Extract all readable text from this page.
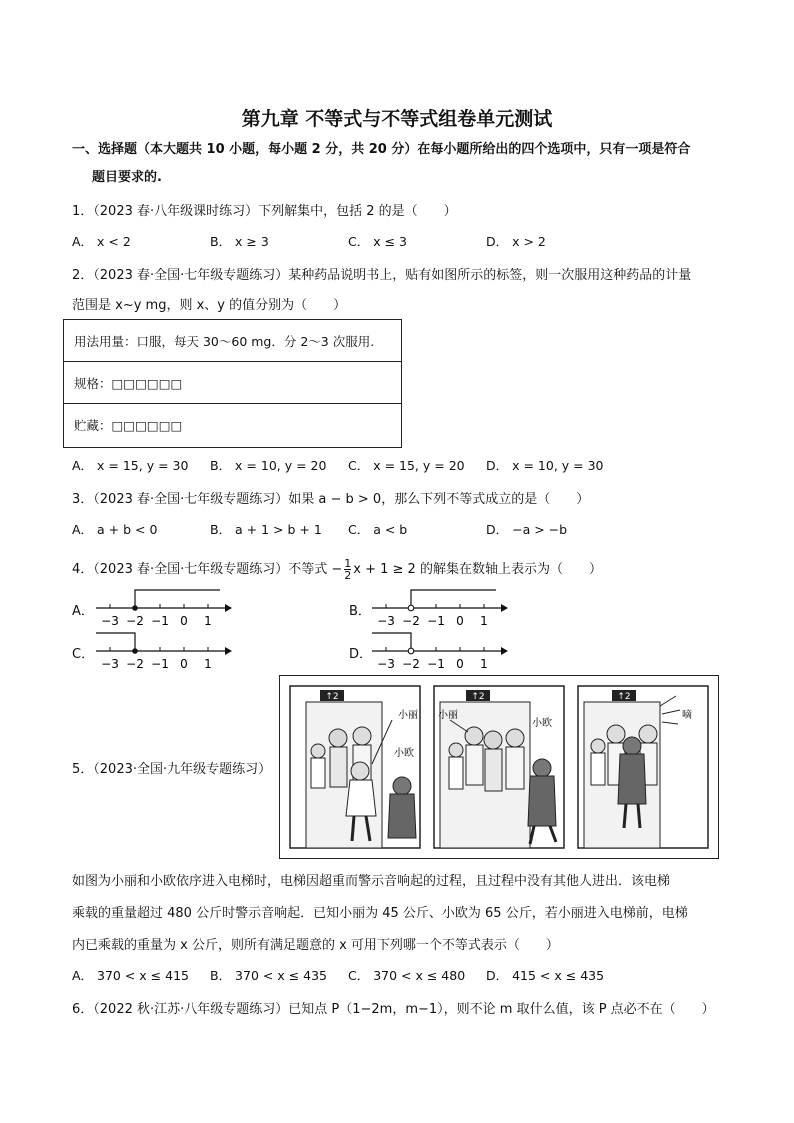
第九章 不等式与不等式组卷单元测试
一、选择题（本大题共 10 小题，每小题 2 分，共 20 分）在每小题所给出的四个选项中，只有一项是符合
题目要求的.
1．（2023 春·八年级课时练习）下列解集中，包括 2 的是（　　）
A． x < 2	B． x ≥ 3	C． x ≤ 3	D． x > 2
2．（2023 春·全国·七年级专题练习）某种药品说明书上，贴有如图所示的标签，则一次服用这种药品的计量
范围是 x~y mg，则 x、y 的值分别为（　　）
用法用量：口服，每天 30～60 mg．分 2～3 次服用.
规格：□□□□□□
贮藏：□□□□□□
A． x = 15, y = 30 B． x = 10, y = 20 C． x = 15, y = 20 D． x = 10, y = 30
3．（2023 春·全国·七年级专题练习）如果 a − b > 0，那么下列不等式成立的是（　　）
A． a + b < 0	B． a + 1 > b + 1 C． a < b	D． −a > −b
4．（2023 春·全国·七年级专题练习）不等式 − $\frac{1}{2}$ x + 1 ≥ 2 的解集在数轴上表示为（　　）
A．	B．
C．	D．
−3 −2 −1 0 1	−3 −2 −1 0 1
−3 −2 −1 0 1	−3 −2 −1 0 1
5．（2023·全国·九年级专题练习）
↑2
小丽
小欧
↑2
小丽
小欧
↑2
嘀
如图为小丽和小欧依序进入电梯时，电梯因超重而警示音响起的过程，且过程中没有其他人进出．该电梯
乘载的重量超过 480 公斤时警示音响起．已知小丽为 45 公斤、小欧为 65 公斤，若小丽进入电梯前，电梯
内已乘载的重量为 x 公斤，则所有满足题意的 x 可用下列哪一个不等式表示（　　）
A． 370 < x ≤ 415 B． 370 < x ≤ 435 C． 370 < x ≤ 480 D． 415 < x ≤ 435
6．（2022 秋·江苏·八年级专题练习）已知点 P（1−2m，m−1），则不论 m 取什么值，该 P 点必不在（　　）
